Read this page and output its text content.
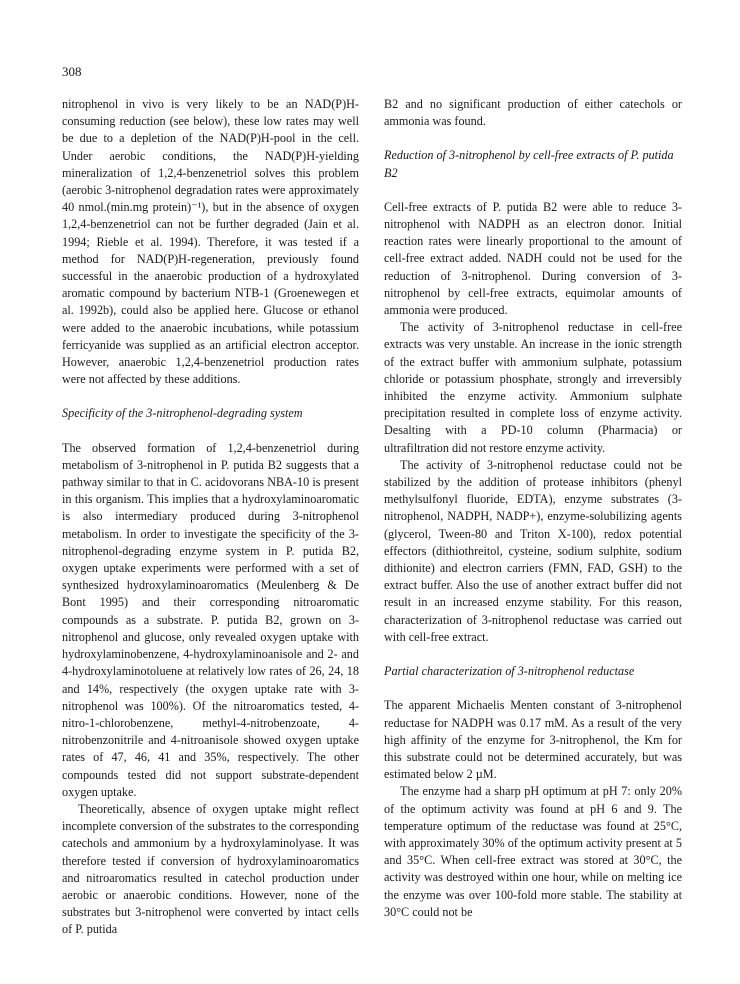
308

nitrophenol in vivo is very likely to be an NAD(P)H-consuming reduction (see below), these low rates may well be due to a depletion of the NAD(P)H-pool in the cell. Under aerobic conditions, the NAD(P)H-yielding mineralization of 1,2,4-benzenetriol solves this problem (aerobic 3-nitrophenol degradation rates were approximately 40 nmol.(min.mg protein)⁻¹), but in the absence of oxygen 1,2,4-benzenetriol can not be further degraded (Jain et al. 1994; Rieble et al. 1994). Therefore, it was tested if a method for NAD(P)H-regeneration, previously found successful in the anaerobic production of a hydroxylated aromatic compound by bacterium NTB-1 (Groenewegen et al. 1992b), could also be applied here. Glucose or ethanol were added to the anaerobic incubations, while potassium ferricyanide was supplied as an artificial electron acceptor. However, anaerobic 1,2,4-benzenetriol production rates were not affected by these additions.

Specificity of the 3-nitrophenol-degrading system

The observed formation of 1,2,4-benzenetriol during metabolism of 3-nitrophenol in P. putida B2 suggests that a pathway similar to that in C. acidovorans NBA-10 is present in this organism. This implies that a hydroxylaminoaromatic is also intermediary produced during 3-nitrophenol metabolism. In order to investigate the specificity of the 3-nitrophenol-degrading enzyme system in P. putida B2, oxygen uptake experiments were performed with a set of synthesized hydroxylaminoaromatics (Meulenberg & De Bont 1995) and their corresponding nitroaromatic compounds as a substrate. P. putida B2, grown on 3-nitrophenol and glucose, only revealed oxygen uptake with hydroxylaminobenzene, 4-hydroxylaminoanisole and 2- and 4-hydroxylaminotoluene at relatively low rates of 26, 24, 18 and 14%, respectively (the oxygen uptake rate with 3-nitrophenol was 100%). Of the nitroaromatics tested, 4-nitro-1-chlorobenzene, methyl-4-nitrobenzoate, 4-nitrobenzonitrile and 4-nitroanisole showed oxygen uptake rates of 47, 46, 41 and 35%, respectively. The other compounds tested did not support substrate-dependent oxygen uptake.

Theoretically, absence of oxygen uptake might reflect incomplete conversion of the substrates to the corresponding catechols and ammonium by a hydroxylaminolyase. It was therefore tested if conversion of hydroxylaminoaromatics and nitroaromatics resulted in catechol production under aerobic or anaerobic conditions. However, none of the substrates but 3-nitrophenol were converted by intact cells of P. putida

B2 and no significant production of either catechols or ammonia was found.

Reduction of 3-nitrophenol by cell-free extracts of P. putida B2

Cell-free extracts of P. putida B2 were able to reduce 3-nitrophenol with NADPH as an electron donor. Initial reaction rates were linearly proportional to the amount of cell-free extract added. NADH could not be used for the reduction of 3-nitrophenol. During conversion of 3-nitrophenol by cell-free extracts, equimolar amounts of ammonia were produced.

The activity of 3-nitrophenol reductase in cell-free extracts was very unstable. An increase in the ionic strength of the extract buffer with ammonium sulphate, potassium chloride or potassium phosphate, strongly and irreversibly inhibited the enzyme activity. Ammonium sulphate precipitation resulted in complete loss of enzyme activity. Desalting with a PD-10 column (Pharmacia) or ultrafiltration did not restore enzyme activity.

The activity of 3-nitrophenol reductase could not be stabilized by the addition of protease inhibitors (phenyl methylsulfonyl fluoride, EDTA), enzyme substrates (3-nitrophenol, NADPH, NADP+), enzyme-solubilizing agents (glycerol, Tween-80 and Triton X-100), redox potential effectors (dithiothreitol, cysteine, sodium sulphite, sodium dithionite) and electron carriers (FMN, FAD, GSH) to the extract buffer. Also the use of another extract buffer did not result in an increased enzyme stability. For this reason, characterization of 3-nitrophenol reductase was carried out with cell-free extract.

Partial characterization of 3-nitrophenol reductase

The apparent Michaelis Menten constant of 3-nitrophenol reductase for NADPH was 0.17 mM. As a result of the very high affinity of the enzyme for 3-nitrophenol, the Km for this substrate could not be determined accurately, but was estimated below 2 µM.

The enzyme had a sharp pH optimum at pH 7: only 20% of the optimum activity was found at pH 6 and 9. The temperature optimum of the reductase was found at 25°C, with approximately 30% of the optimum activity present at 5 and 35°C. When cell-free extract was stored at 30°C, the activity was destroyed within one hour, while on melting ice the enzyme was over 100-fold more stable. The stability at 30°C could not be
